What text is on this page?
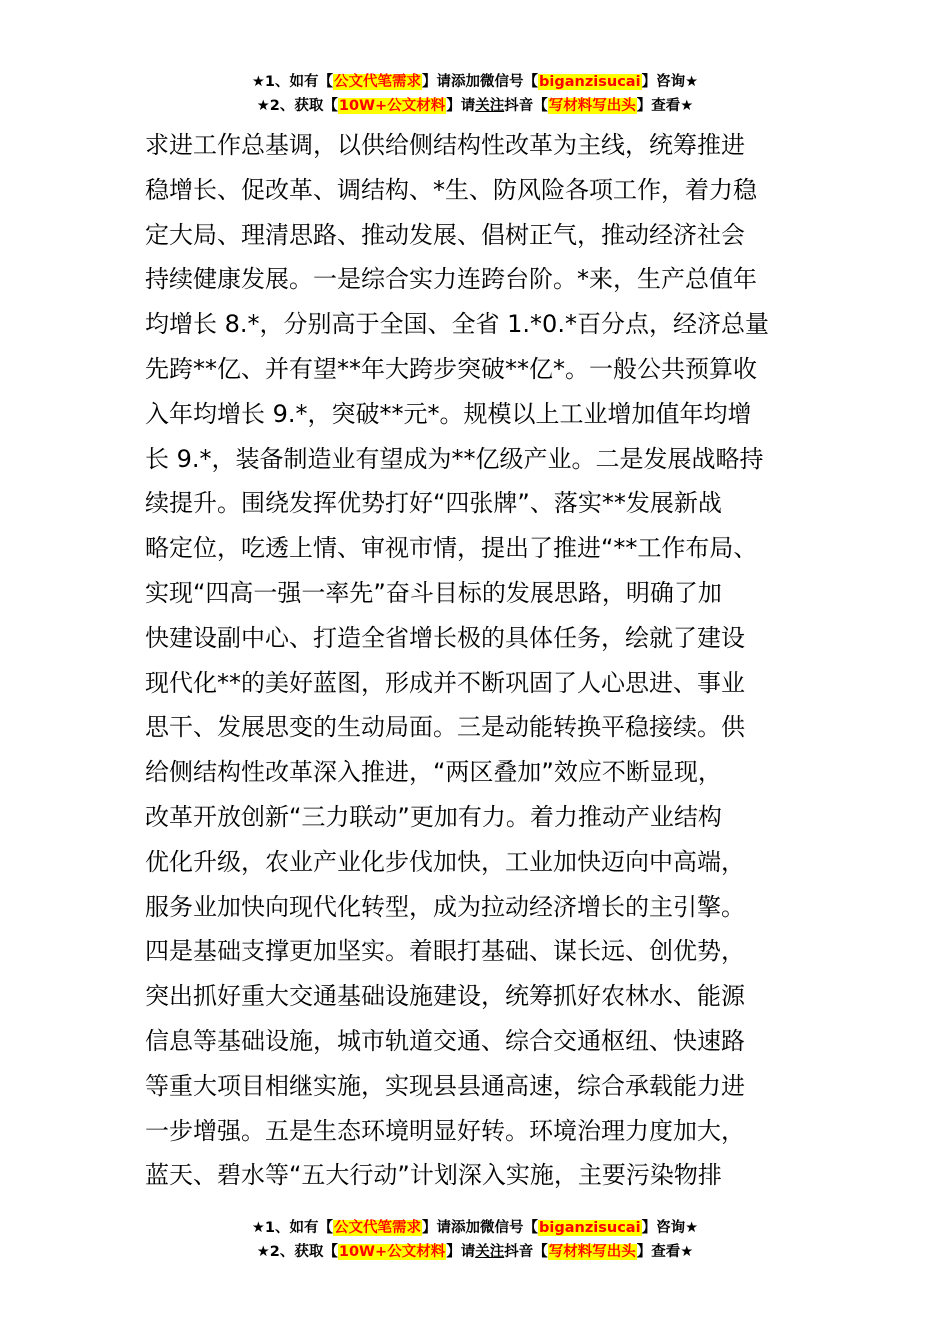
★1、如有【公文代笔需求】请添加微信号【biganzisucai】咨询★
★2、获取【10W+公文材料】请关注抖音【写材料写出头】查看★
求进工作总基调，以供给侧结构性改革为主线，统筹推进
稳增长、促改革、调结构、*生、防风险各项工作，着力稳
定大局、理清思路、推动发展、倡树正气，推动经济社会
持续健康发展。一是综合实力连跨台阶。*来，生产总值年
均增长 8.*，分别高于全国、全省 1.*0.*百分点，经济总量
先跨**亿、并有望**年大跨步突破**亿*。一般公共预算收
入年均增长 9.*，突破**元*。规模以上工业增加值年均增
长 9.*，装备制造业有望成为**亿级产业。二是发展战略持
续提升。围绕发挥优势打好“四张牌”、落实**发展新战
略定位，吃透上情、审视市情，提出了推进“**工作布局、
实现“四高一强一率先”奋斗目标的发展思路，明确了加
快建设副中心、打造全省增长极的具体任务，绘就了建设
现代化**的美好蓝图，形成并不断巩固了人心思进、事业
思干、发展思变的生动局面。三是动能转换平稳接续。供
给侧结构性改革深入推进，“两区叠加”效应不断显现，
改革开放创新“三力联动”更加有力。着力推动产业结构
优化升级，农业产业化步伐加快，工业加快迈向中高端，
服务业加快向现代化转型，成为拉动经济增长的主引擎。
四是基础支撑更加坚实。着眼打基础、谋长远、创优势，
突出抓好重大交通基础设施建设，统筹抓好农林水、能源
信息等基础设施，城市轨道交通、综合交通枢纽、快速路
等重大项目相继实施，实现县县通高速，综合承载能力进
一步增强。五是生态环境明显好转。环境治理力度加大，
蓝天、碧水等“五大行动”计划深入实施，主要污染物排
★1、如有【公文代笔需求】请添加微信号【biganzisucai】咨询★
★2、获取【10W+公文材料】请关注抖音【写材料写出头】查看★
